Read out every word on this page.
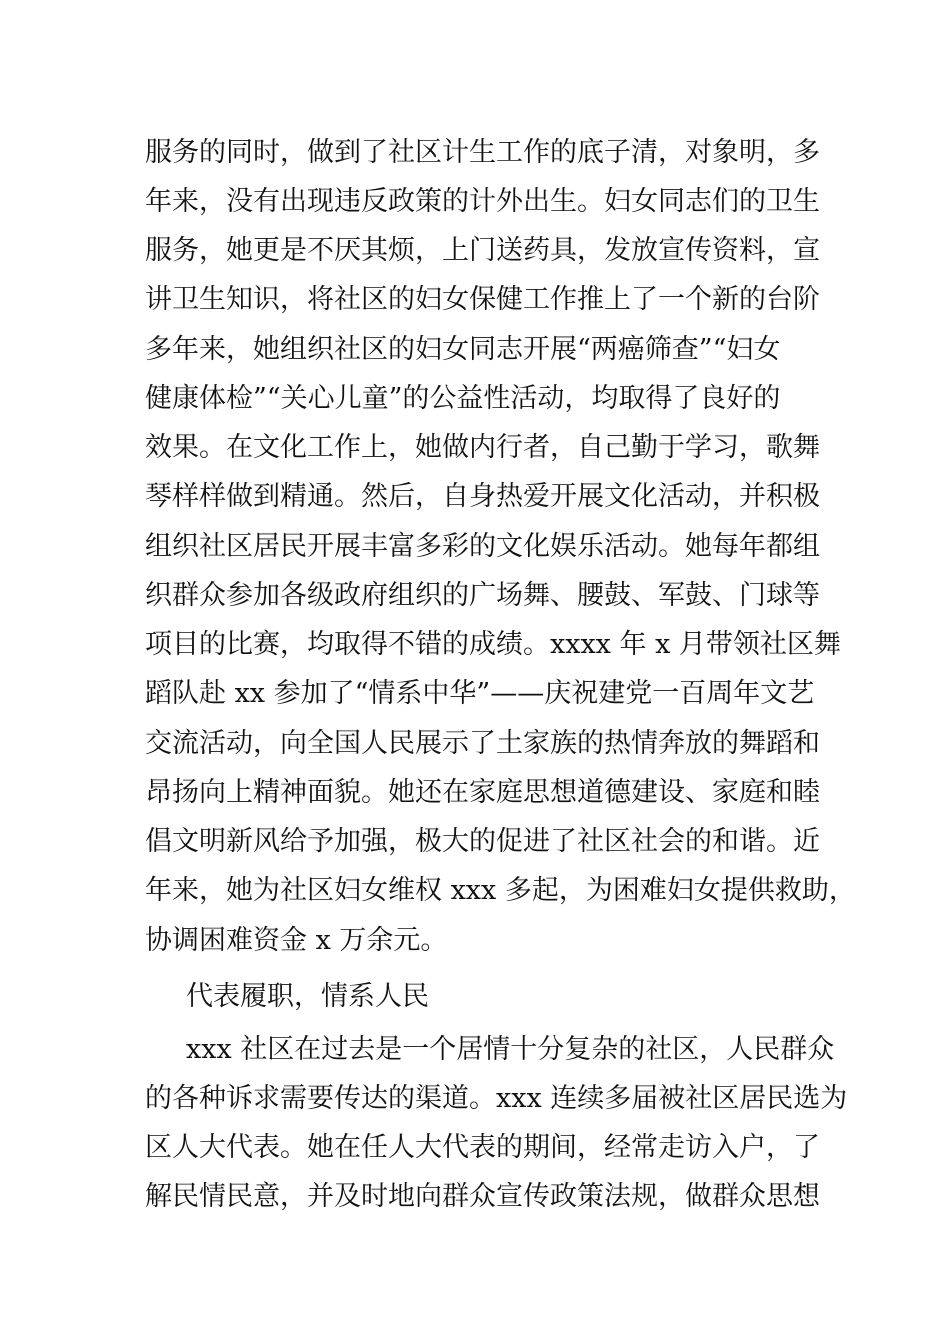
服务的同时，做到了社区计生工作的底子清，对象明，多

年来，没有出现违反政策的计外出生。妇女同志们的卫生

服务，她更是不厌其烦，上门送药具，发放宣传资料，宣

讲卫生知识，将社区的妇女保健工作推上了一个新的台阶

多年来，她组织社区的妇女同志开展“两癌筛查”“妇女

健康体检”“关心儿童”的公益性活动，均取得了良好的

效果。在文化工作上，她做内行者，自己勤于学习，歌舞

琴样样做到精通。然后，自身热爱开展文化活动，并积极

组织社区居民开展丰富多彩的文化娱乐活动。她每年都组

织群众参加各级政府组织的广场舞、腰鼓、军鼓、门球等

项目的比赛，均取得不错的成绩。xxxx 年 x 月带领社区舞

蹈队赴 xx 参加了“情系中华”——庆祝建党一百周年文艺

交流活动，向全国人民展示了土家族的热情奔放的舞蹈和

昂扬向上精神面貌。她还在家庭思想道德建设、家庭和睦

倡文明新风给予加强，极大的促进了社区社会的和谐。近

年来，她为社区妇女维权 xxx 多起，为困难妇女提供救助，

协调困难资金 x 万余元。

代表履职，情系人民

xxx 社区在过去是一个居情十分复杂的社区，人民群众

的各种诉求需要传达的渠道。xxx 连续多届被社区居民选为

区人大代表。她在任人大代表的期间，经常走访入户，了

解民情民意，并及时地向群众宣传政策法规，做群众思想
